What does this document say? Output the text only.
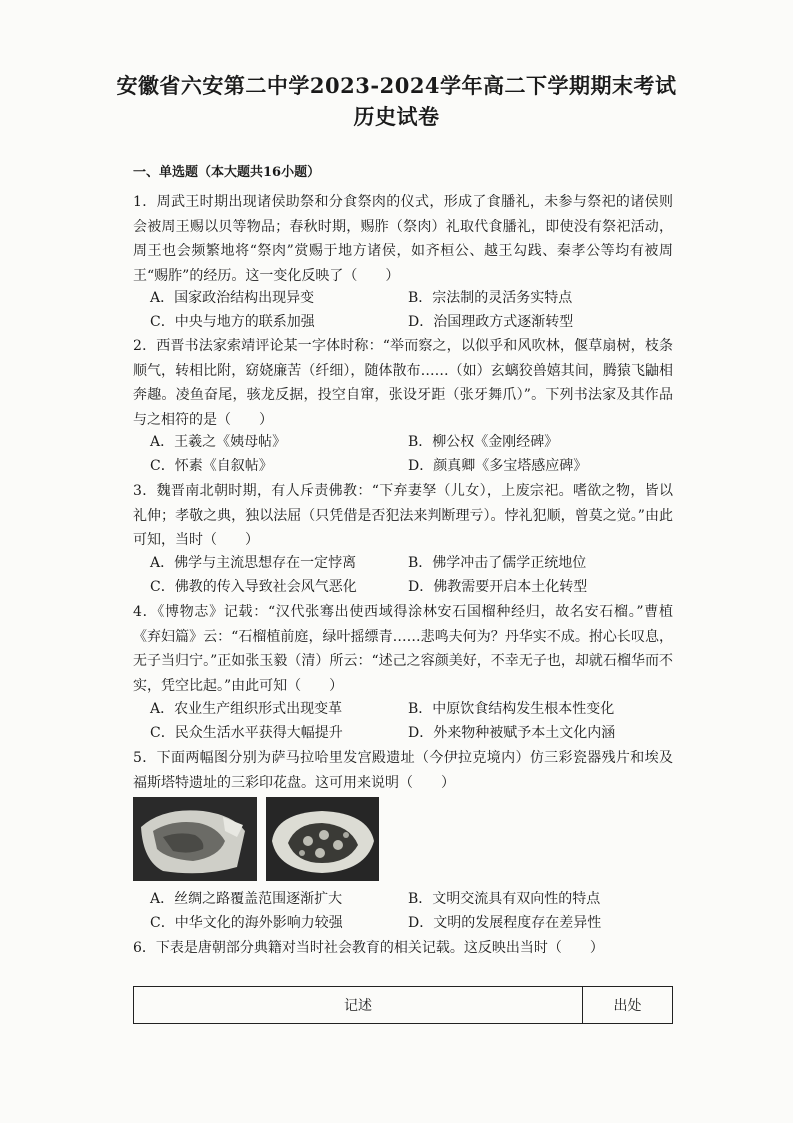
安徽省六安第二中学2023-2024学年高二下学期期末考试
历史试卷
一、单选题（本大题共16小题）
1．周武王时期出现诸侯助祭和分食祭肉的仪式，形成了食膰礼，未参与祭祀的诸侯则会被周王赐以贝等物品；春秋时期，赐胙（祭肉）礼取代食膰礼，即使没有祭祀活动，周王也会频繁地将“祭肉”赏赐于地方诸侯，如齐桓公、越王勾践、秦孝公等均有被周王“赐胙”的经历。这一变化反映了（　　）
A．国家政治结构出现异变	B．宗法制的灵活务实特点
C．中央与地方的联系加强	D．治国理政方式逐渐转型
2．西晋书法家索靖评论某一字体时称：“举而察之，以似乎和风吹林，偃草扇树，枝条顺气，转相比附，窈娆廉苦（纤细），随体散布……（如）玄螭狡兽嬉其间，腾猿飞鼬相奔趣。凌鱼奋尾，骇龙反据，投空自窜，张设牙距（张牙舞爪）”。下列书法家及其作品与之相符的是（　　）
A．王羲之《姨母帖》	B．柳公权《金刚经碑》
C．怀素《自叙帖》	D．颜真卿《多宝塔感应碑》
3．魏晋南北朝时期，有人斥责佛教：“下弃妻孥（儿女），上废宗祀。嗜欲之物，皆以礼伸；孝敬之典，独以法屈（只凭借是否犯法来判断理亏）。悖礼犯顺，曾莫之觉。”由此可知，当时（　　）
A．佛学与主流思想存在一定悖离	B．佛学冲击了儒学正统地位
C．佛教的传入导致社会风气恶化	D．佛教需要开启本土化转型
4．《博物志》记载：“汉代张骞出使西域得涂林安石国榴种经归，故名安石榴。”曹植《弃妇篇》云：“石榴植前庭，绿叶摇缥青……悲鸣夫何为？丹华实不成。拊心长叹息，无子当归宁。”正如张玉毅（清）所云：“述己之容颜美好，不幸无子也，却就石榴华而不实，凭空比起。”由此可知（　　）
A．农业生产组织形式出现变革	B．中原饮食结构发生根本性变化
C．民众生活水平获得大幅提升	D．外来物种被赋予本土文化内涵
5．下面两幅图分别为萨马拉哈里发宫殿遗址（今伊拉克境内）仿三彩瓷器残片和埃及福斯塔特遗址的三彩印花盘。这可用来说明（　　）
A．丝绸之路覆盖范围逐渐扩大	B．文明交流具有双向性的特点
C．中华文化的海外影响力较强	D．文明的发展程度存在差异性
6．下表是唐朝部分典籍对当时社会教育的相关记载。这反映出当时（　　）
记述	出处
